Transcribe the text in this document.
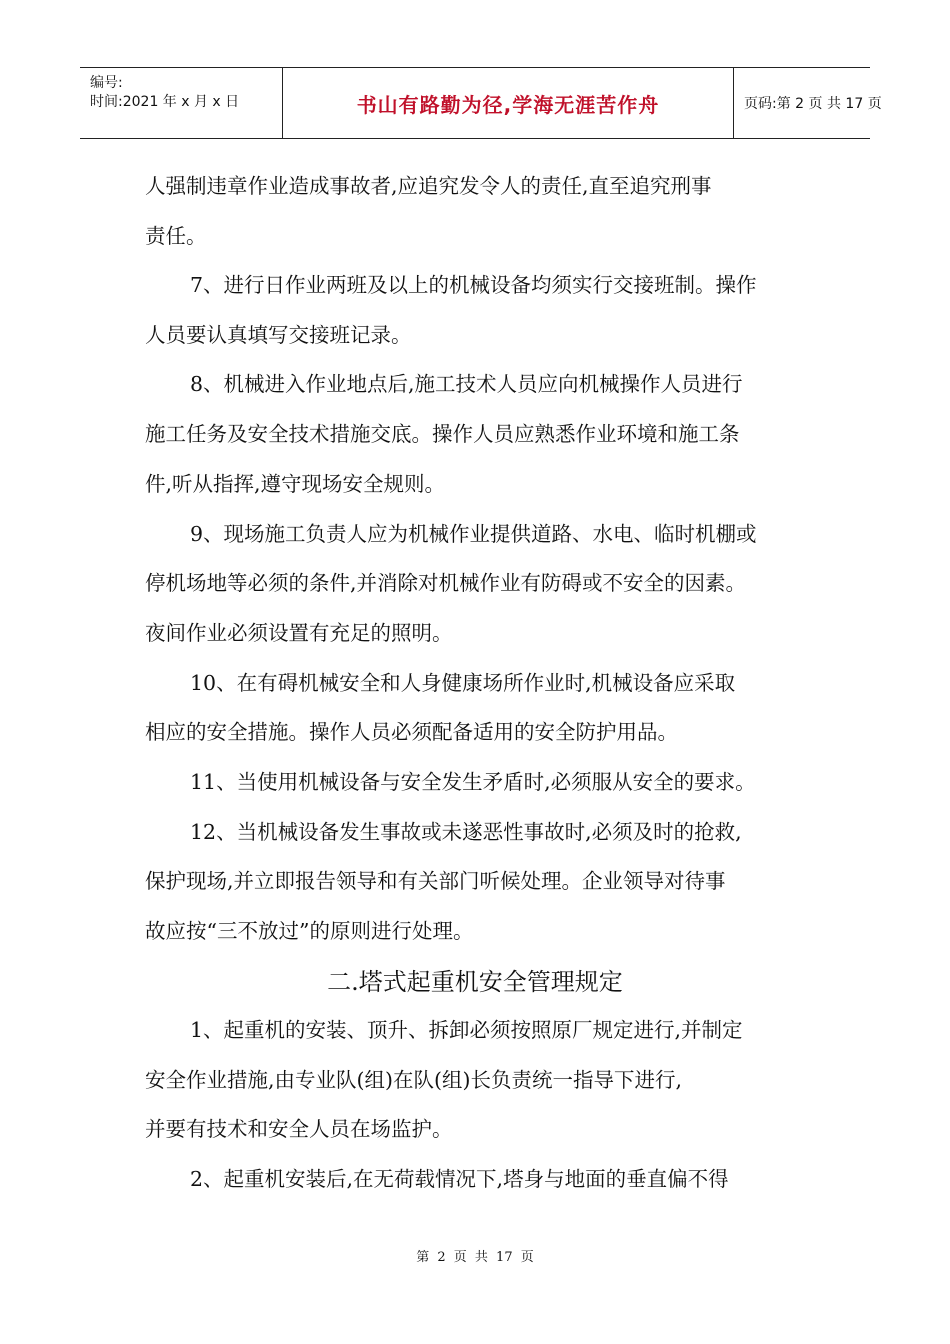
编号:
时间:2021 年 x 月 x 日	书山有路勤为径,学海无涯苦作舟	页码:第 2 页 共 17 页
人强制违章作业造成事故者,应追究发令人的责任,直至追究刑事
责任。
7、进行日作业两班及以上的机械设备均须实行交接班制。操作
人员要认真填写交接班记录。
8、机械进入作业地点后,施工技术人员应向机械操作人员进行
施工任务及安全技术措施交底。操作人员应熟悉作业环境和施工条
件,听从指挥,遵守现场安全规则。
9、现场施工负责人应为机械作业提供道路、水电、临时机棚或
停机场地等必须的条件,并消除对机械作业有防碍或不安全的因素。
夜间作业必须设置有充足的照明。
10、在有碍机械安全和人身健康场所作业时,机械设备应采取
相应的安全措施。操作人员必须配备适用的安全防护用品。
11、当使用机械设备与安全发生矛盾时,必须服从安全的要求。
12、当机械设备发生事故或未遂恶性事故时,必须及时的抢救,
保护现场,并立即报告领导和有关部门听候处理。企业领导对待事
故应按“三不放过”的原则进行处理。
二.塔式起重机安全管理规定
1、起重机的安装、顶升、拆卸必须按照原厂规定进行,并制定
安全作业措施,由专业队(组)在队(组)长负责统一指导下进行,
并要有技术和安全人员在场监护。
2、起重机安装后,在无荷载情况下,塔身与地面的垂直偏不得
第 2 页 共 17 页
